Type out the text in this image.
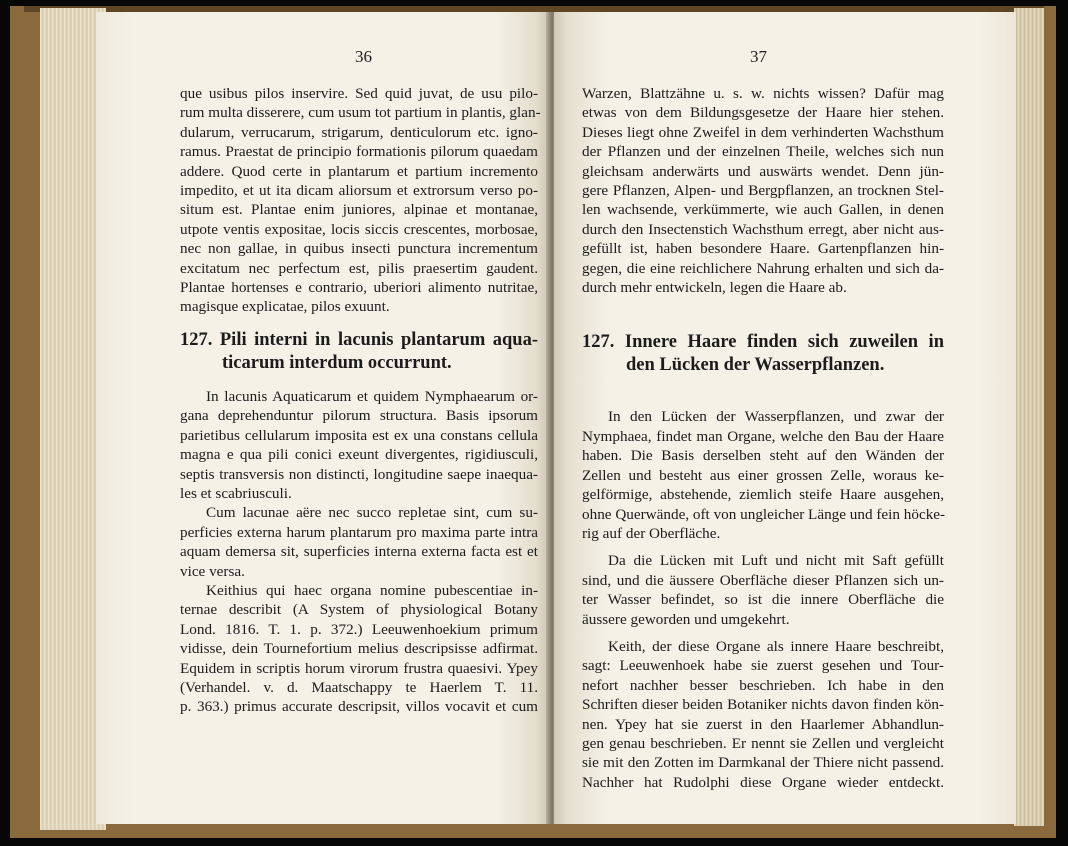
36
que usibus pilos inservire. Sed quid juvat, de usu pilo-
rum multa disserere, cum usum tot partium in plantis, glan-
dularum, verrucarum, strigarum, denticulorum etc. igno-
ramus. Praestat de principio formationis pilorum quaedam
addere. Quod certe in plantarum et partium incremento
impedito, et ut ita dicam aliorsum et extrorsum verso po-
situm est. Plantae enim juniores, alpinae et montanae,
utpote ventis expositae, locis siccis crescentes, morbosae,
nec non gallae, in quibus insecti punctura incrementum
excitatum nec perfectum est, pilis praesertim gaudent.
Plantae hortenses e contrario, uberiori alimento nutritae,
magisque explicatae, pilos exuunt.
127. Pili interni in lacunis plantarum aqua-
ticarum interdum occurrunt.
In lacunis Aquaticarum et quidem Nymphaearum or-
gana deprehenduntur pilorum structura. Basis ipsorum
parietibus cellularum imposita est ex una constans cellula
magna e qua pili conici exeunt divergentes, rigidiusculi,
septis transversis non distincti, longitudine saepe inaequa-
les et scabriusculi.
Cum lacunae aëre nec succo repletae sint, cum su-
perficies externa harum plantarum pro maxima parte intra
aquam demersa sit, superficies interna externa facta est et
vice versa.
Keithius qui haec organa nomine pubescentiae in-
ternae describit (A System of physiological Botany
Lond. 1816. T. 1. p. 372.) Leeuwenhoekium primum
vidisse, dein Tournefortium melius descripsisse adfirmat.
Equidem in scriptis horum virorum frustra quaesivi. Ypey
(Verhandel. v. d. Maatschappy te Haerlem T. 11.
p. 363.) primus accurate descripsit, villos vocavit et cum
37
Warzen, Blattzähne u. s. w. nichts wissen? Dafür mag
etwas von dem Bildungsgesetze der Haare hier stehen.
Dieses liegt ohne Zweifel in dem verhinderten Wachsthum
der Pflanzen und der einzelnen Theile, welches sich nun
gleichsam anderwärts und auswärts wendet. Denn jün-
gere Pflanzen, Alpen- und Bergpflanzen, an trocknen Stel-
len wachsende, verkümmerte, wie auch Gallen, in denen
durch den Insectenstich Wachsthum erregt, aber nicht aus-
gefüllt ist, haben besondere Haare. Gartenpflanzen hin-
gegen, die eine reichlichere Nahrung erhalten und sich da-
durch mehr entwickeln, legen die Haare ab.
127. Innere Haare finden sich zuweilen in
den Lücken der Wasserpflanzen.
In den Lücken der Wasserpflanzen, und zwar der
Nymphaea, findet man Organe, welche den Bau der Haare
haben. Die Basis derselben steht auf den Wänden der
Zellen und besteht aus einer grossen Zelle, woraus ke-
gelförmige, abstehende, ziemlich steife Haare ausgehen,
ohne Querwände, oft von ungleicher Länge und fein höcke-
rig auf der Oberfläche.
Da die Lücken mit Luft und nicht mit Saft gefüllt
sind, und die äussere Oberfläche dieser Pflanzen sich un-
ter Wasser befindet, so ist die innere Oberfläche die
äussere geworden und umgekehrt.
Keith, der diese Organe als innere Haare beschreibt,
sagt: Leeuwenhoek habe sie zuerst gesehen und Tour-
nefort nachher besser beschrieben. Ich habe in den
Schriften dieser beiden Botaniker nichts davon finden kön-
nen. Ypey hat sie zuerst in den Haarlemer Abhandlun-
gen genau beschrieben. Er nennt sie Zellen und vergleicht
sie mit den Zotten im Darmkanal der Thiere nicht passend.
Nachher hat Rudolphi diese Organe wieder entdeckt.
